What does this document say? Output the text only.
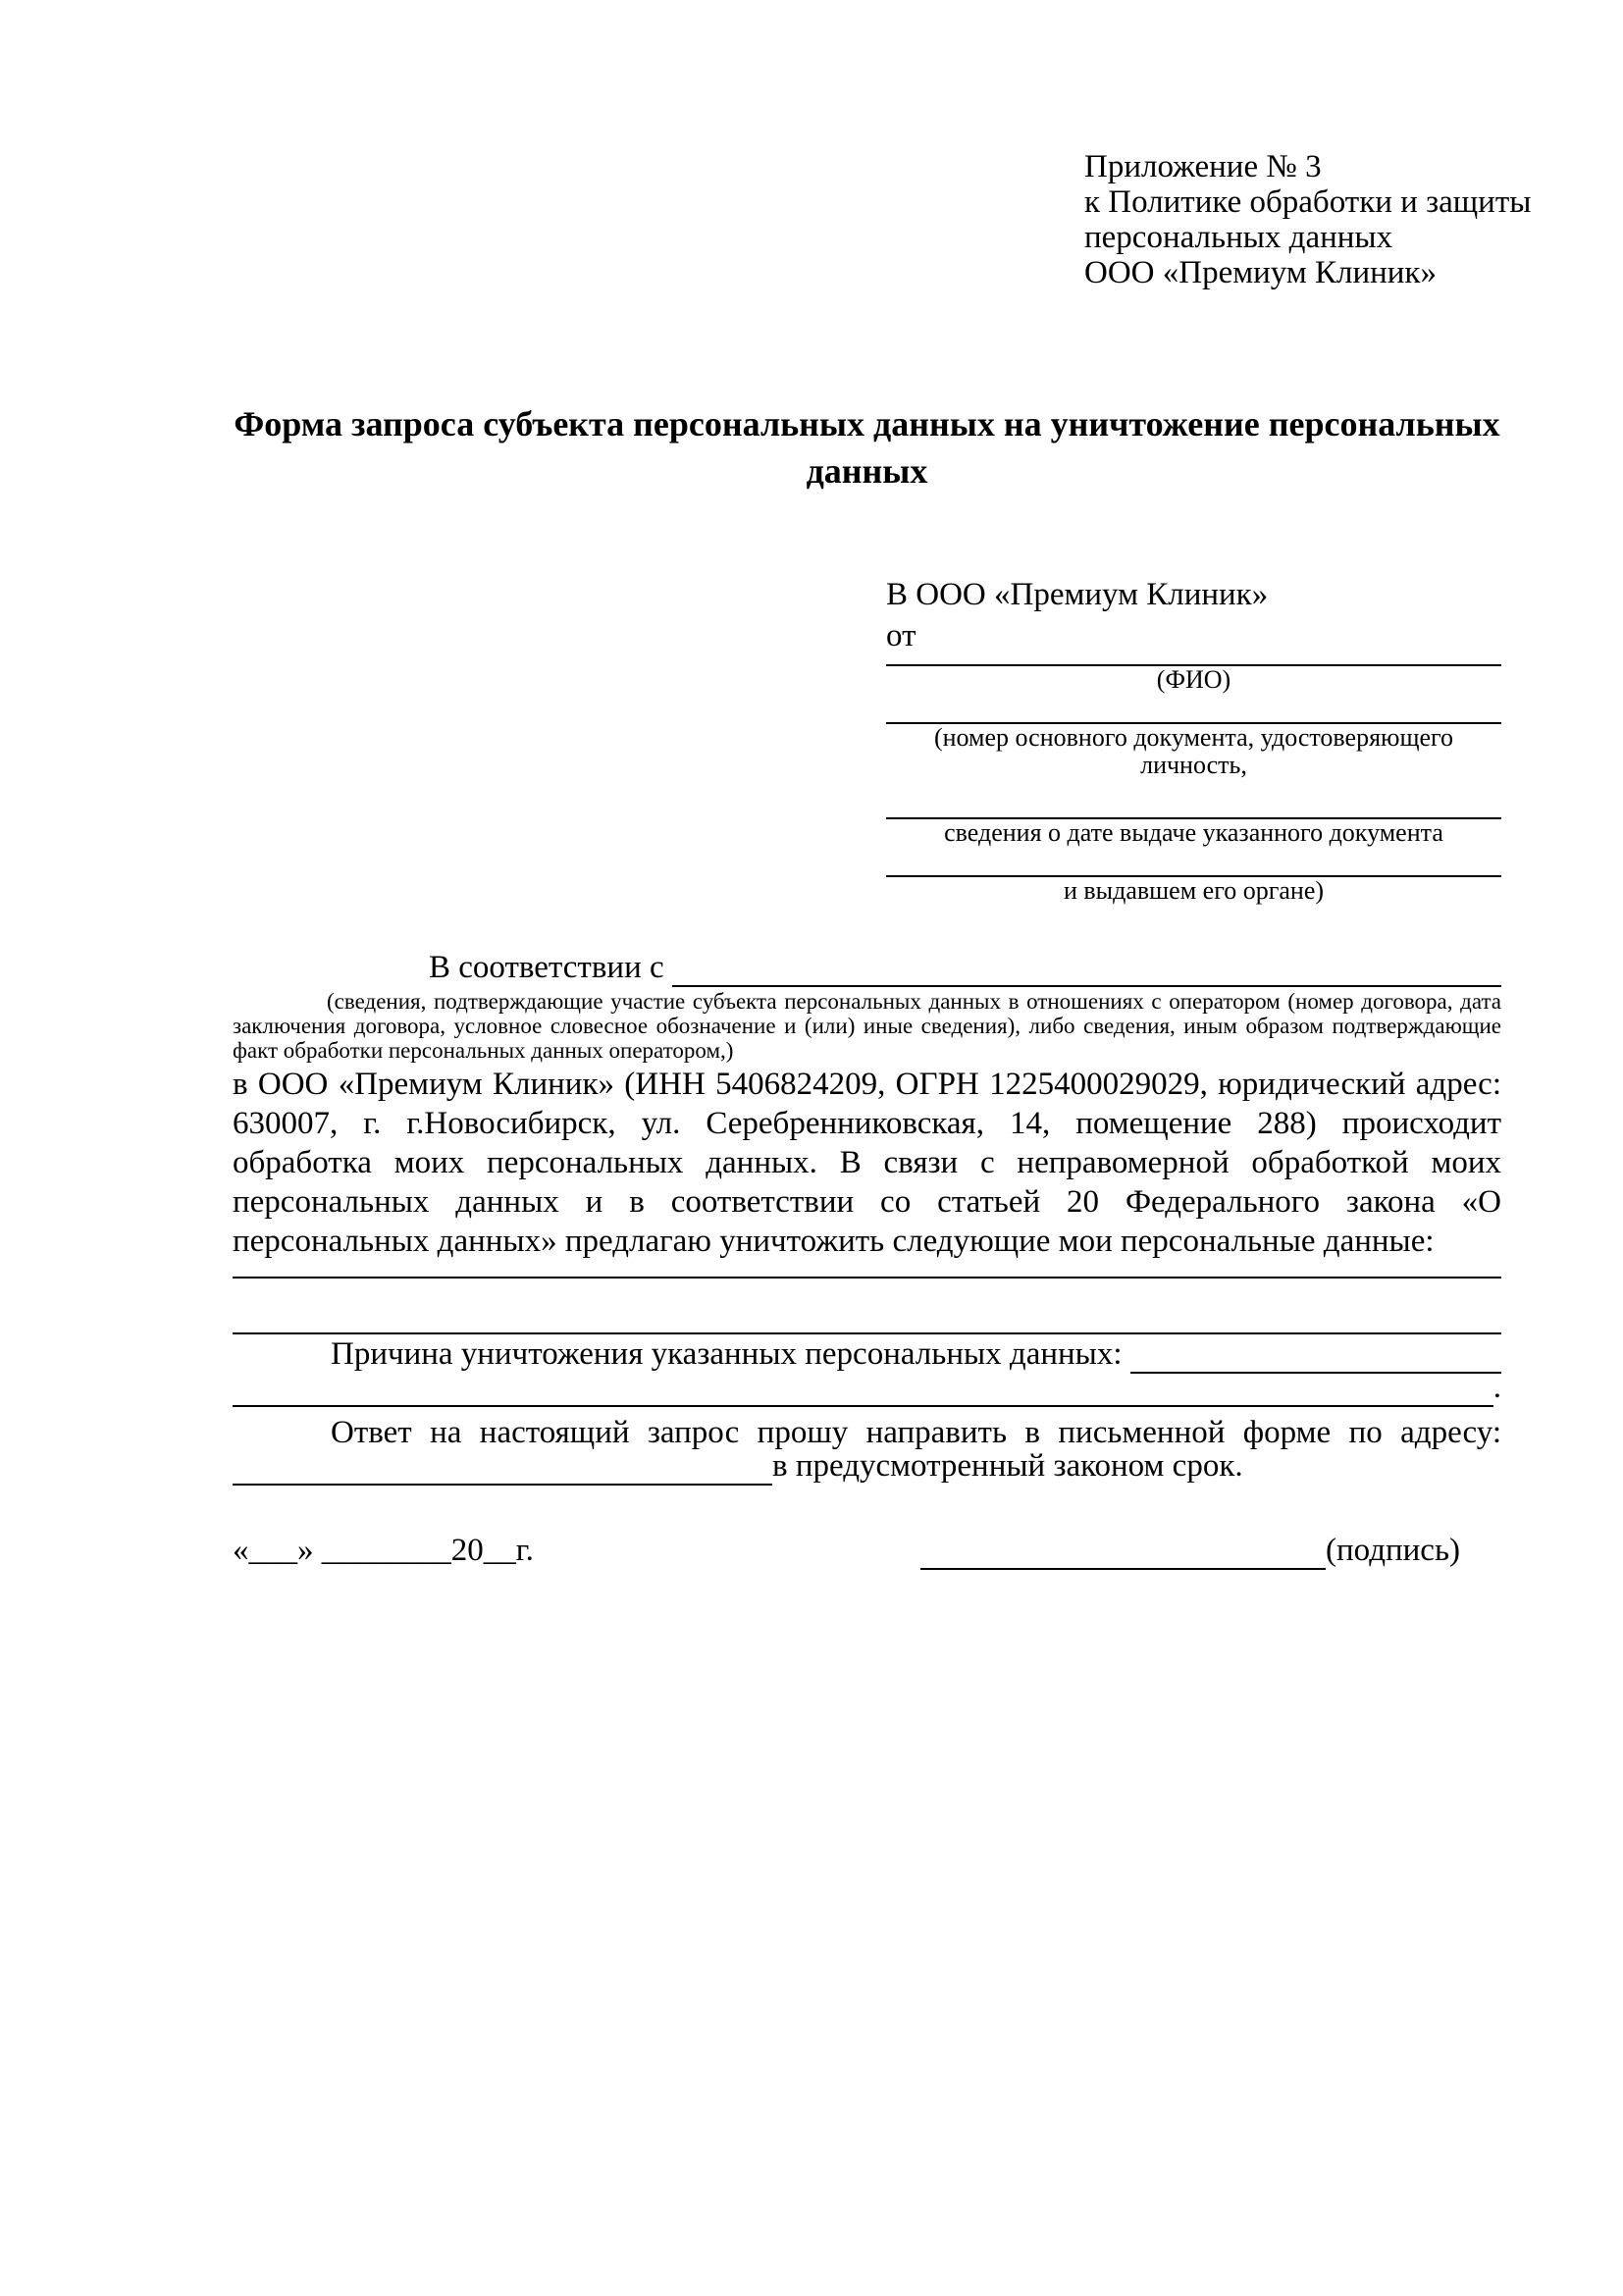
Приложение № 3
к Политике обработки и защиты
персональных данных
ООО «Премиум Клиник»
Форма запроса субъекта персональных данных на уничтожение персональных данных
В ООО «Премиум Клиник»
от
(ФИО)
(номер основного документа, удостоверяющего личность,
сведения о дате выдаче указанного документа
и выдавшем его органе)
В соответствии с

(сведения, подтверждающие участие субъекта персональных данных в отношениях с оператором (номер договора, дата заключения договора, условное словесное обозначение и (или) иные сведения), либо сведения, иным образом подтверждающие факт обработки персональных данных оператором,)

в ООО «Премиум Клиник» (ИНН 5406824209, ОГРН 1225400029029, юридический адрес: 630007, г. г.Новосибирск, ул. Серебренниковская, 14, помещение 288) происходит обработка моих персональных данных. В связи с неправомерной обработкой моих персональных данных и в соответствии со статьей 20 Федерального закона «О персональных данных» предлагаю уничтожить следующие мои персональные данные:

Причина уничтожения указанных персональных данных:
.
Ответ на настоящий запрос прошу направить в письменной форме по адресу:
в предусмотренный законом срок.
«___» ________20__г.	(подпись)
